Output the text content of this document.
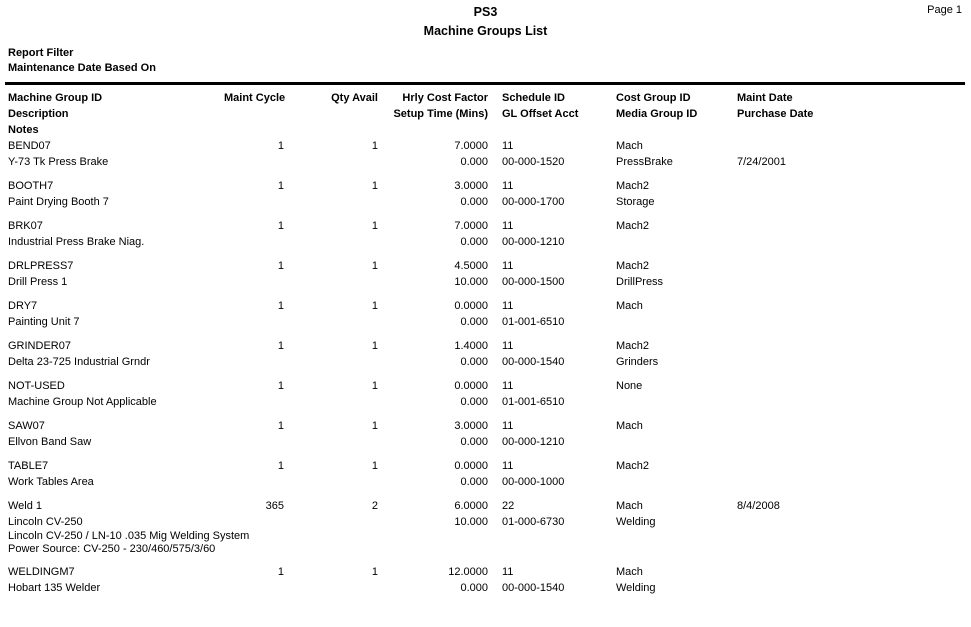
PS3
Machine Groups List
Page 1
Report Filter
Maintenance Date Based On
Machine Group ID	Maint Cycle	Qty Avail	Hrly Cost Factor	Schedule ID	Cost Group ID	Maint Date
Description	Setup Time (Mins)	GL Offset Acct	Media Group ID	Purchase Date
Notes
BEND07	1	1	7.0000	11	Mach
Y-73 Tk Press Brake	0.000	00-000-1520	PressBrake	7/24/2001
BOOTH7	1	1	3.0000	11	Mach2
Paint Drying Booth 7	0.000	00-000-1700	Storage
BRK07	1	1	7.0000	11	Mach2
Industrial Press Brake Niag.	0.000	00-000-1210
DRLPRESS7	1	1	4.5000	11	Mach2
Drill Press 1	10.000	00-000-1500	DrillPress
DRY7	1	1	0.0000	11	Mach
Painting Unit 7	0.000	01-001-6510
GRINDER07	1	1	1.4000	11	Mach2
Delta 23-725 Industrial Grndr	0.000	00-000-1540	Grinders
NOT-USED	1	1	0.0000	11	None
Machine Group Not Applicable	0.000	01-001-6510
SAW07	1	1	3.0000	11	Mach
Ellvon Band Saw	0.000	00-000-1210
TABLE7	1	1	0.0000	11	Mach2
Work Tables Area	0.000	00-000-1000
Weld 1	365	2	6.0000	22	Mach	8/4/2008
Lincoln CV-250	10.000	01-000-6730	Welding
Lincoln CV-250 / LN-10 .035 Mig Welding System
Power Source: CV-250 - 230/460/575/3/60
WELDINGM7	1	1	12.0000	11	Mach
Hobart 135 Welder	0.000	00-000-1540	Welding
